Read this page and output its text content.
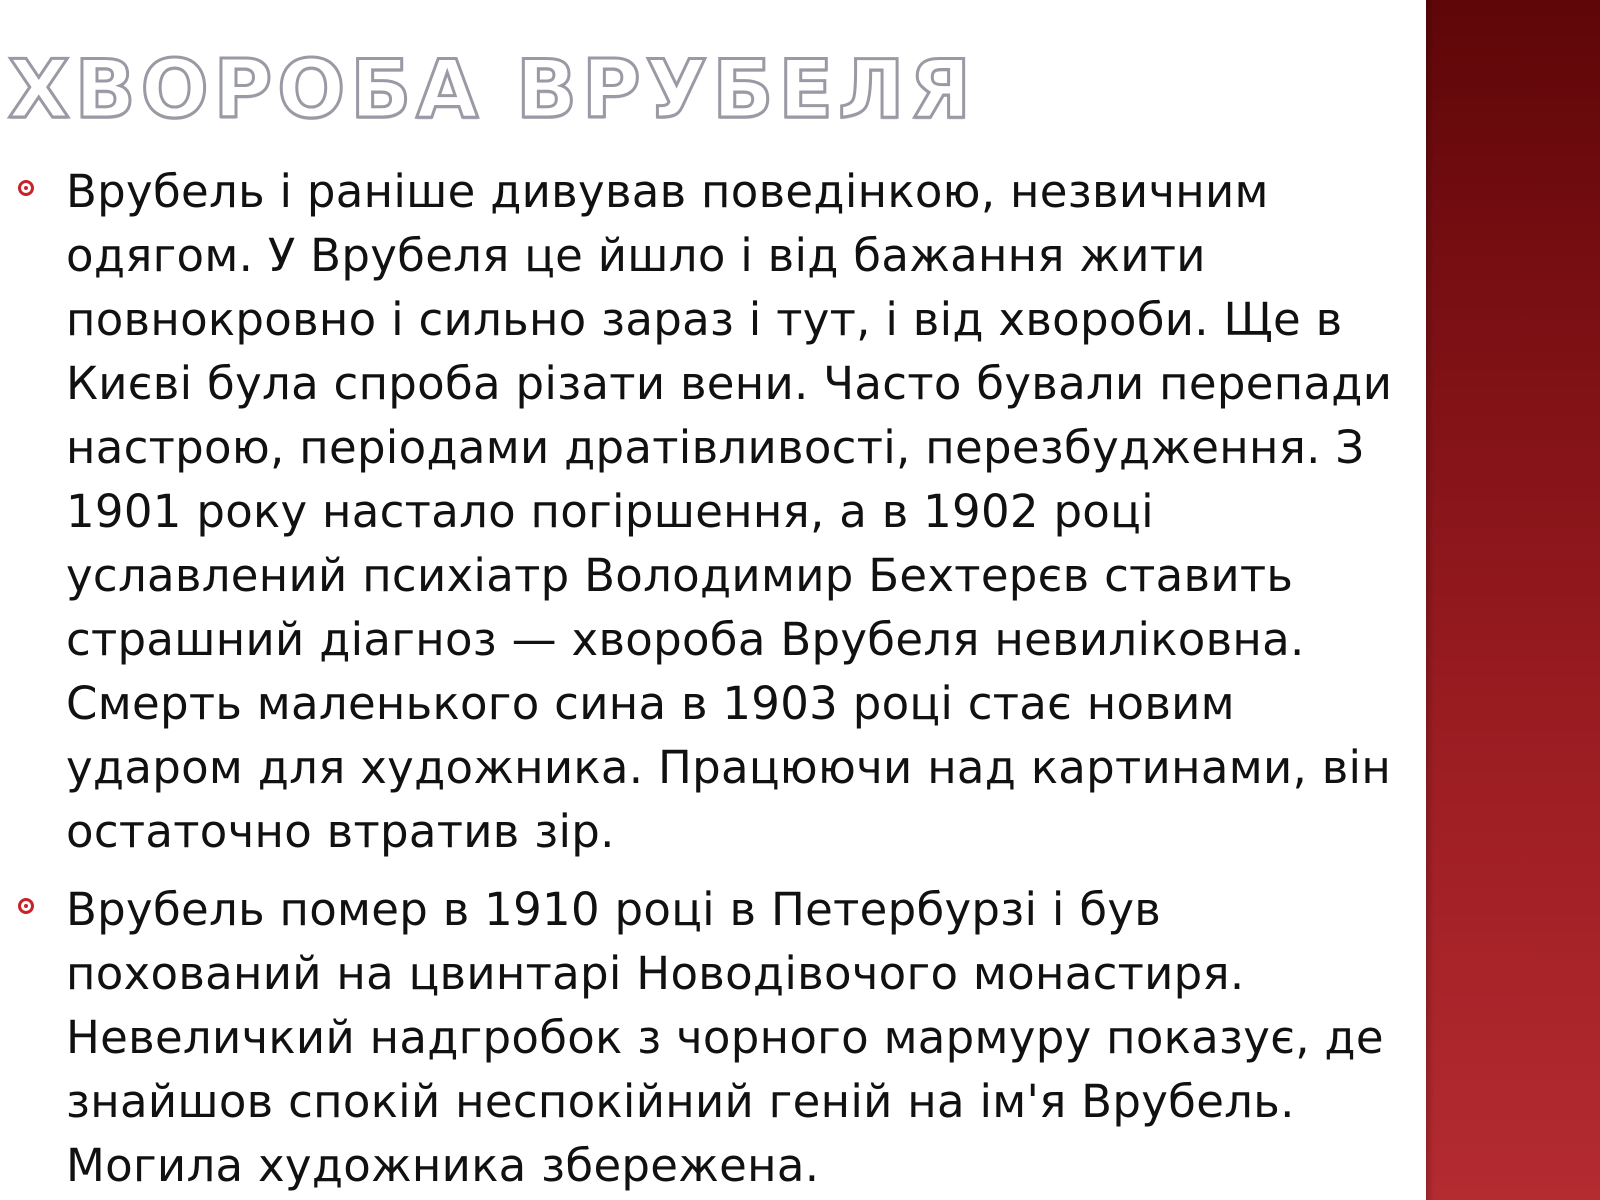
ХВОРОБА ВРУБЕЛЯ
Врубель і раніше дивував поведінкою, незвичним одягом. У Врубеля це йшло і від бажання жити повнокровно і сильно зараз і тут, і від хвороби. Ще в Києві була спроба різати вени. Часто бували перепади настрою, періодами дратівливості, перезбудження. З 1901 року настало погіршення, а в 1902 році уславлений психіатр Володимир Бехтерєв ставить страшний діагноз — хвороба Врубеля невиліковна. Смерть маленького сина в 1903 році стає новим ударом для художника. Працюючи над картинами, він остаточно втратив зір.
Врубель помер в 1910 році в Петербурзі і був похований на цвинтарі Новодівочого монастиря. Невеличкий надгробок з чорного мармуру показує, де знайшов спокій неспокійний геній на ім'я Врубель. Могила художника збережена.
